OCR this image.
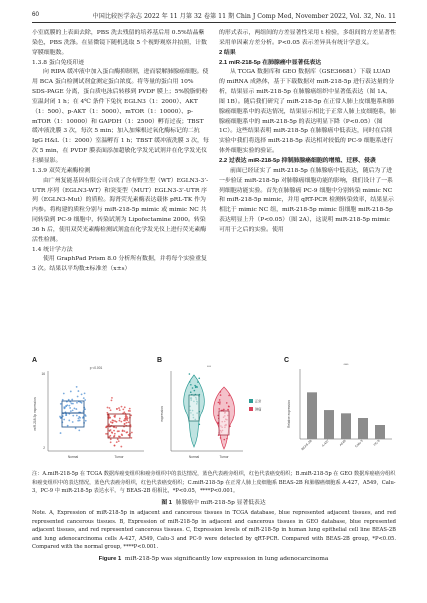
60	中国比较医学杂志 2022 年 11 月第 32 卷第 11 期 Chin J Comp Med, November 2022, Vol. 32, No. 11

小室底膜的上表面去除，PBS 洗去残留的培养基后用 0.5%结晶紫染色，PBS 洗涤。在显微镜下随机选取 5 个视野观察并拍照，计数穿膜细胞数。

1.3.8 蛋白免疫印迹

向 RIPA 缓冲液中加入蛋白酶抑制剂，进而裂解肺腺癌细胞。使用 BCA 蛋白检测试剂盒测定蛋白浓度。将等量的蛋白用 10% SDS-PAGE 分离，蛋白质电泳后转移到 PVDF 膜上；5%脱脂奶粉室温封闭 1 h；在 4℃ 条件下兔抗 EGLN3（1：2000）、AKT（1：500）、p-AKT（1：5000）、mTOR（1：10000）、p-mTOR（1：10000）和 GAPDH（1：2500）孵育过夜；TBST 缓冲液洗膜 3 次，每次 5 min；加入加辣根过氧化酶标记的二抗 IgG H&L（1：2000）室温孵育 1 h；TBST 缓冲液洗膜 3 次，每次 5 min，在 PVDF 膜表面添加超敏化学发光试剂并在化学发光仪扫描显影。

1.3.9 双荧光素酶检测

由广州复能基因有限公司合成了含有野生型（WT）EGLN3-3’-UTR 序列（EGLN3-WT）和突变型（MUT）EGLN3-3’-UTR 序列（EGLN3-Mut）的质粒。海肾荧光素酶表达载体 pRL-TK 作为内参。将构建的质粒分别与 miR-218-5p mimic 或 mimic NC 共同转染到 PC-9 细胞中，转染试剂为 Lipofectamine 2000。转染 36 h 后，使用双荧光素酶检测试剂盒在化学发光仪上进行荧光素酶活性检测。

1.4 统计学方法

使用 GraphPad Prism 8.0 分析所有数据，并将每个实验重复 3 次。结果以平均数±标准差（x±s）

的形式表示，两组间的方差显著性采用 t 检验，多组间的方差显著性采用单因素方差分析。P<0.05 表示差异具有统计学意义。

2 结果

2.1 miR-218-5p 在肺腺癌中显著低表达

从 TCGA 数据库和 GEO 数据库（GSE36681）下载 LUAD 的 miRNA 成熟体，基于下载数据对 miR-218-5p 进行表达量的分析，结果显示 miR-218-5p 在肺腺癌组织中显著低表达（图 1A、图 1B）。随后我们研究了 miR-218-5p 在正常人肺上皮细胞系和肺腺癌细胞系中的表达情况，结果显示相比于正常人肺上皮细胞系，肺腺癌细胞系中的 miR-218-5p 的表达明显下降（P<0.05）（图 1C）。这些结果表明 miR-218-5p 在肺腺癌中低表达，同时在后续实验中我们将选择 miR-218-5p 表达相对较低的 PC-9 细胞系进行体外细胞实验的验证。

2.2 过表达 miR-218-5p 抑制肺腺癌细胞的增殖、迁移、侵袭

前面已经证实了 miR-218-5p 在肺腺癌中低表达，随后为了进一步验证 miR-218-5p 对肺腺癌细胞功能的影响，我们设计了一系列细胞功能实验。首先在肺腺癌 PC-9 细胞中分别转染 mimic NC 和 miR-218-5p mimic，并用 qRT-PCR 检测转染效率，结果显示相比于 mimic NC 组，miR-218-5p mimic 组细胞 miR-218-5p 表达明显上升（P<0.05）（图 2A），这说明 miR-218-5p mimic 可用于之后的实验。使用

A
miR-218-5p expression
2
16
p <0.001
Normal	Tumor
B
expression
***
Normal	Tumor
正常
肿瘤
C
Relative expression
BEAS-2B	A-427	A549 Calu-3	PC-9
****

注：A.miR-218-5p 在 TCGA 数据库癌变组织和癌旁组织中的表达情况，蓝色代表癌旁组织，红色代表癌变组织；B.miR-218-5p 在 GEO 数据库癌癌旁组织和癌变组织中的表达情况，蓝色代表癌旁组织，红色代表癌变组织；C.miR-218-5p 在正常人肺上皮细胞系 BEAS-2B 和肺腺癌细胞系 A-427，A549，Calu-3，PC-9 中 miR-218-5p 表达水平。与 BEAS-2B 组相比，*P<0.05，****P<0.001。

图 1 肺腺癌中 miR-218-5p 显著低表达

Note. A, Expression of miR-218-5p in adjacent and cancerous tissues in TCGA database, blue represented adjacent tissues, and red represented cancerous tissues. B, Expression of miR-218-5p in adjacent and cancerous tissues in GEO database, blue represented adjacent tissues, and red represented cancerous tissues. C, Expression levels of miR-218-5p in human lung epithelial cell line BEAS-2B and lung adenocarcinoma cells A-427, A549, Calu-3 and PC-9 were detected by qRT-PCR. Compared with BEAS-2B group, *P<0.05. Compared with the normal group, ****P<0.001.

Figure 1 miR-218-5p was significantly low expression in lung adenocarcinoma
